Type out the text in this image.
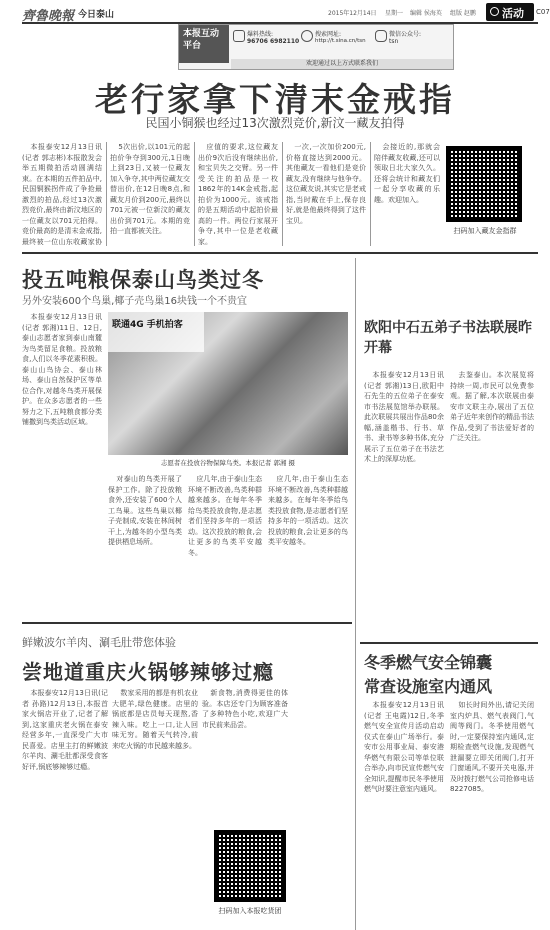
齊魯晚報 今日泰山	2015年12月14日 星期一 编辑 侯海英 组版 赵鹏 活动 C07
本报互动平台
爆料热线:
96706 6982110
搜索网址:
http://t.sina.cn/tsn
微信公众号:
tsn
欢迎通过以上方式联系我们
老行家拿下清末金戒指
民国小铜猴也经过13次激烈竞价,新汶一藏友拍得

本报泰安12月13日讯(记者 郭志彬)本报散发会举五期微拍活动圆满结束。在本期的五件拍品中,民国铜猴拐件成了争抢最激烈的拍品,经过13次激烈竞价,最终由新汶地区的一位藏友以701元拍得。竞价最高的是清末金戒指,最终被一位山东收藏家协

5次出价,以101元的起拍价争夺到300元,1日晚上到23日,又被一位藏友加入争夺,其中两位藏友交替出价,在12日晚8点,和藏友月价到200元,最终以701元被一位新汶的藏友出价到701元。本期的竞拍一直都被关注。

应值的要求,这位藏友出价9次后没有继续出价,和宝贝失之交臂。另一件受关注的拍品是一枚1862年的14K金戒指,起拍价为1000元。该戒指的是五期活动中起拍价最高的一件。两位行家展开争夺,其中一位是老收藏家。

一次,一次加价200元,价格直接达到2000元。其他藏友一看他们是竞价藏友,没有继续与他争夺。这位藏友说,其实它是老戒指,当时戴在手上,保存良好,就是他最终得到了这件宝贝。

会接近的,那就会陪伴藏友收藏,还可以领取日北大家久久。还将会统计和藏友们一起分享收藏的乐趣。欢迎加入。

扫码加入藏友金指群
投五吨粮保泰山鸟类过冬
另外安装600个鸟巢,椰子壳鸟巢16块钱一个不贵宜

本报泰安12月13日讯(记者 郭湘)11日、12日,泰山志愿者家到泰山南麓为鸟类留足食粮。投放粮食,人们以冬季花素积极。泰山山鸟协会、泰山林场、泰山自然保护区等单位合作,对越冬鸟类开展保护。在众多志愿者的一些努力之下,五吨粮食都分类铺撒到鸟类活动区域。

联通4G 手机拍客
志愿者在投放谷物保障鸟类。本报记者 郭湘 摄

对泰山的鸟类开展了保护工作。除了投放粮食外,还安装了600个人工鸟巢。这些鸟巢以椰子壳制成,安装在林间树干上,为越冬的小型鸟类提供栖息场所。

应几年,由于泰山生态环境不断改善,鸟类种群越来越多。在每年冬季给鸟类投放食物,是志愿者们坚持多年的一项活动。这次投放的粮食,会让更多的鸟类平安越冬。

应几年,由于泰山生态环境不断改善,鸟类种群越来越多。在每年冬季给鸟类投放食物,是志愿者们坚持多年的一项活动。这次投放的粮食,会让更多的鸟类平安越冬。

欧阳中石五弟子书法联展昨开幕

本报泰安12月13日讯(记者 郭湘)13日,欧阳中石先生的五位弟子在泰安市书法展览馆举办联展。此次联展共展出作品80余幅,涵盖楷书、行书、草书、隶书等多种书体,充分展示了五位弟子在书法艺术上的深厚功底。

去鉴泰山。本次展览将持续一周,市民可以免费参观。据了解,本次联展由泰安市文联主办,展出了五位弟子近年来创作的精品书法作品,受到了书法爱好者的广泛关注。

鲜嫩波尔羊肉、涮毛肚带您体验
尝地道重庆火锅够辣够过瘾

本报泰安12月13日讯(记者 孙路)12月13日,本报首家火锅店开业了,记者了解到,这家重庆老火锅在泰安经营多年,一直深受广大市民喜爱。店里主打的鲜嫩波尔羊肉、涮毛肚都深受食客好评,锅底够辣够过瘾。

数家采用的都是有机农业大肥羊,绿色健康。店里的锅底都是店员每天现熬,香辣入味。吃上一口,让人回味无穷。随着天气转冷,前来吃火锅的市民越来越多。

新食物,消费得更佳的体验。本店还专门为顾客准备了多种特色小吃,欢迎广大市民前来品尝。

扫码加入本报吃货团
冬季燃气安全锦囊
常查设施室内通风

本报泰安12月13日讯(记者 王电霞)12日,冬季燃气安全宣传月活动启动仪式在泰山广场举行。泰安市公用事业局、泰安港华燃气有限公司等单位联合举办,向市民宣传燃气安全知识,提醒市民冬季使用燃气时要注意室内通风。

如长时间外出,请记关闭室内炉具、燃气表阀门,气阀等阀门。冬季使用燃气时,一定要保持室内通风,定期检查燃气设施,发现燃气泄漏要立即关闭阀门,打开门窗通风,不要开关电器,并及时拨打燃气公司抢修电话8227085。
